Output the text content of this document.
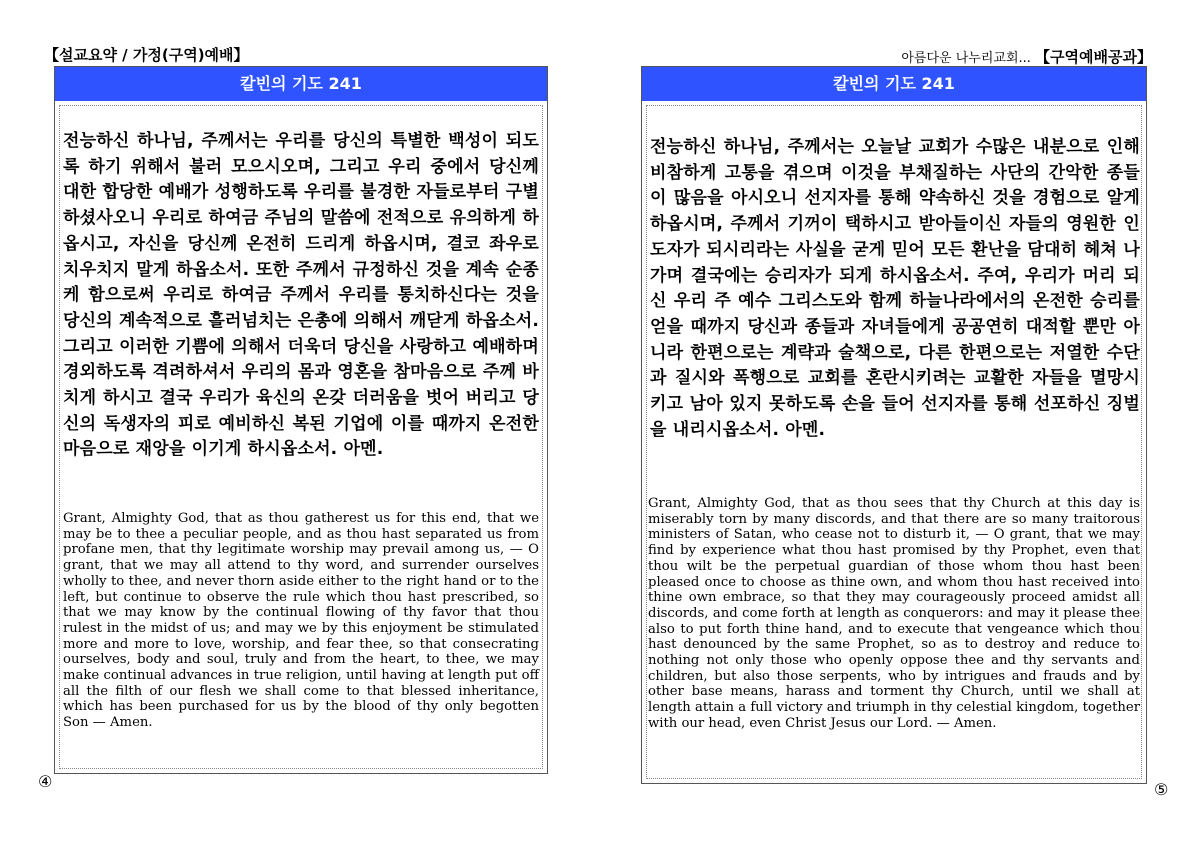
【설교요약 / 가정(구역)예배】	아름다운 나누리교회... 【구역예배공과】
칼빈의 기도 241
전능하신 하나님, 주께서는 우리를 당신의 특별한 백성이 되도록 하기 위해서 불러 모으시오며, 그리고 우리 중에서 당신께 대한 합당한 예배가 성행하도록 우리를 불경한 자들로부터 구별하셨사오니 우리로 하여금 주님의 말씀에 전적으로 유의하게 하옵시고, 자신을 당신께 온전히 드리게 하옵시며, 결코 좌우로 치우치지 말게 하옵소서. 또한 주께서 규정하신 것을 계속 순종케 함으로써 우리로 하여금 주께서 우리를 통치하신다는 것을 당신의 계속적으로 흘러넘치는 은총에 의해서 깨닫게 하옵소서. 그리고 이러한 기쁨에 의해서 더욱더 당신을 사랑하고 예배하며 경외하도록 격려하셔서 우리의 몸과 영혼을 참마음으로 주께 바치게 하시고 결국 우리가 육신의 온갖 더러움을 벗어 버리고 당신의 독생자의 피로 예비하신 복된 기업에 이를 때까지 온전한 마음으로 재앙을 이기게 하시옵소서. 아멘.
Grant, Almighty God, that as thou gatherest us for this end, that we may be to thee a peculiar people, and as thou hast separated us from profane men, that thy legitimate worship may prevail among us, — O grant, that we may all attend to thy word, and surrender ourselves wholly to thee, and never thorn aside either to the right hand or to the left, but continue to observe the rule which thou hast prescribed, so that we may know by the continual flowing of thy favor that thou rulest in the midst of us; and may we by this enjoyment be stimulated more and more to love, worship, and fear thee, so that consecrating ourselves, body and soul, truly and from the heart, to thee, we may make continual advances in true religion, until having at length put off all the filth of our flesh we shall come to that blessed inheritance, which has been purchased for us by the blood of thy only begotten Son — Amen.
④
칼빈의 기도 241
전능하신 하나님, 주께서는 오늘날 교회가 수많은 내분으로 인해 비참하게 고통을 겪으며 이것을 부채질하는 사단의 간악한 종들이 많음을 아시오니 선지자를 통해 약속하신 것을 경험으로 알게 하옵시며, 주께서 기꺼이 택하시고 받아들이신 자들의 영원한 인도자가 되시리라는 사실을 굳게 믿어 모든 환난을 담대히 헤쳐 나가며 결국에는 승리자가 되게 하시옵소서. 주여, 우리가 머리 되신 우리 주 예수 그리스도와 함께 하늘나라에서의 온전한 승리를 얻을 때까지 당신과 종들과 자녀들에게 공공연히 대적할 뿐만 아니라 한편으로는 계략과 술책으로, 다른 한편으로는 저열한 수단과 질시와 폭행으로 교회를 혼란시키려는 교활한 자들을 멸망시키고 남아 있지 못하도록 손을 들어 선지자를 통해 선포하신 징벌을 내리시옵소서. 아멘.
Grant, Almighty God, that as thou sees that thy Church at this day is miserably torn by many discords, and that there are so many traitorous ministers of Satan, who cease not to disturb it, — O grant, that we may find by experience what thou hast promised by thy Prophet, even that thou wilt be the perpetual guardian of those whom thou hast been pleased once to choose as thine own, and whom thou hast received into thine own embrace, so that they may courageously proceed amidst all discords, and come forth at length as conquerors: and may it please thee also to put forth thine hand, and to execute that vengeance which thou hast denounced by the same Prophet, so as to destroy and reduce to nothing not only those who openly oppose thee and thy servants and children, but also those serpents, who by intrigues and frauds and by other base means, harass and torment thy Church, until we shall at length attain a full victory and triumph in thy celestial kingdom, together with our head, even Christ Jesus our Lord. — Amen.
⑤
